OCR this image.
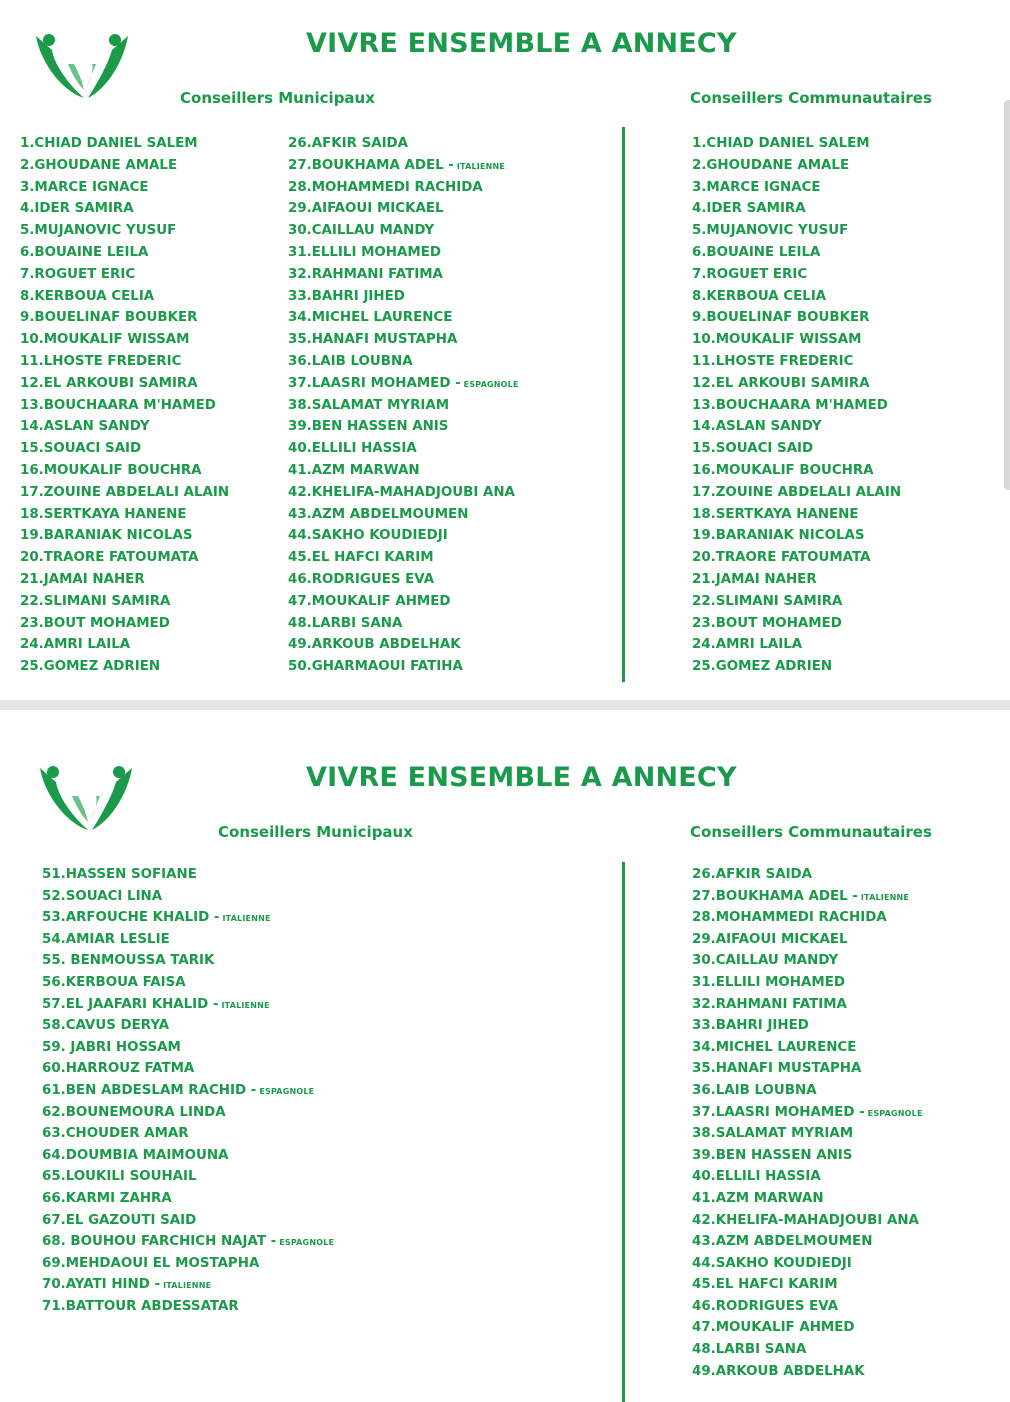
VIVRE ENSEMBLE A ANNECY
Conseillers Municipaux	Conseillers Communautaires
1.CHIAD DANIEL SALEM
2.GHOUDANE AMALE
3.MARCE IGNACE
4.IDER SAMIRA
5.MUJANOVIC YUSUF
6.BOUAINE LEILA
7.ROGUET ERIC
8.KERBOUA CELIA
9.BOUELINAF BOUBKER
10.MOUKALIF WISSAM
11.LHOSTE FREDERIC
12.EL ARKOUBI SAMIRA
13.BOUCHAARA M'HAMED
14.ASLAN SANDY
15.SOUACI SAID
16.MOUKALIF BOUCHRA
17.ZOUINE ABDELALI ALAIN
18.SERTKAYA HANENE
19.BARANIAK NICOLAS
20.TRAORE FATOUMATA
21.JAMAI NAHER
22.SLIMANI SAMIRA
23.BOUT MOHAMED
24.AMRI LAILA
25.GOMEZ ADRIEN
26.AFKIR SAIDA
27.BOUKHAMA ADEL - ITALIENNE
28.MOHAMMEDI RACHIDA
29.AIFAOUI MICKAEL
30.CAILLAU MANDY
31.ELLILI MOHAMED
32.RAHMANI FATIMA
33.BAHRI JIHED
34.MICHEL LAURENCE
35.HANAFI MUSTAPHA
36.LAIB LOUBNA
37.LAASRI MOHAMED - ESPAGNOLE
38.SALAMAT MYRIAM
39.BEN HASSEN ANIS
40.ELLILI HASSIA
41.AZM MARWAN
42.KHELIFA-MAHADJOUBI ANA
43.AZM ABDELMOUMEN
44.SAKHO KOUDIEDJI
45.EL HAFCI KARIM
46.RODRIGUES EVA
47.MOUKALIF AHMED
48.LARBI SANA
49.ARKOUB ABDELHAK
50.GHARMAOUI FATIHA
1.CHIAD DANIEL SALEM
2.GHOUDANE AMALE
3.MARCE IGNACE
4.IDER SAMIRA
5.MUJANOVIC YUSUF
6.BOUAINE LEILA
7.ROGUET ERIC
8.KERBOUA CELIA
9.BOUELINAF BOUBKER
10.MOUKALIF WISSAM
11.LHOSTE FREDERIC
12.EL ARKOUBI SAMIRA
13.BOUCHAARA M'HAMED
14.ASLAN SANDY
15.SOUACI SAID
16.MOUKALIF BOUCHRA
17.ZOUINE ABDELALI ALAIN
18.SERTKAYA HANENE
19.BARANIAK NICOLAS
20.TRAORE FATOUMATA
21.JAMAI NAHER
22.SLIMANI SAMIRA
23.BOUT MOHAMED
24.AMRI LAILA
25.GOMEZ ADRIEN
VIVRE ENSEMBLE A ANNECY
Conseillers Municipaux	Conseillers Communautaires
51.HASSEN SOFIANE
52.SOUACI LINA
53.ARFOUCHE KHALID - ITALIENNE
54.AMIAR LESLIE
55. BENMOUSSA TARIK
56.KERBOUA FAISA
57.EL JAAFARI KHALID - ITALIENNE
58.CAVUS DERYA
59. JABRI HOSSAM
60.HARROUZ FATMA
61.BEN ABDESLAM RACHID - ESPAGNOLE
62.BOUNEMOURA LINDA
63.CHOUDER AMAR
64.DOUMBIA MAIMOUNA
65.LOUKILI SOUHAIL
66.KARMI ZAHRA
67.EL GAZOUTI SAID
68. BOUHOU FARCHICH NAJAT - ESPAGNOLE
69.MEHDAOUI EL MOSTAPHA
70.AYATI HIND - ITALIENNE
71.BATTOUR ABDESSATAR
26.AFKIR SAIDA
27.BOUKHAMA ADEL - ITALIENNE
28.MOHAMMEDI RACHIDA
29.AIFAOUI MICKAEL
30.CAILLAU MANDY
31.ELLILI MOHAMED
32.RAHMANI FATIMA
33.BAHRI JIHED
34.MICHEL LAURENCE
35.HANAFI MUSTAPHA
36.LAIB LOUBNA
37.LAASRI MOHAMED - ESPAGNOLE
38.SALAMAT MYRIAM
39.BEN HASSEN ANIS
40.ELLILI HASSIA
41.AZM MARWAN
42.KHELIFA-MAHADJOUBI ANA
43.AZM ABDELMOUMEN
44.SAKHO KOUDIEDJI
45.EL HAFCI KARIM
46.RODRIGUES EVA
47.MOUKALIF AHMED
48.LARBI SANA
49.ARKOUB ABDELHAK
